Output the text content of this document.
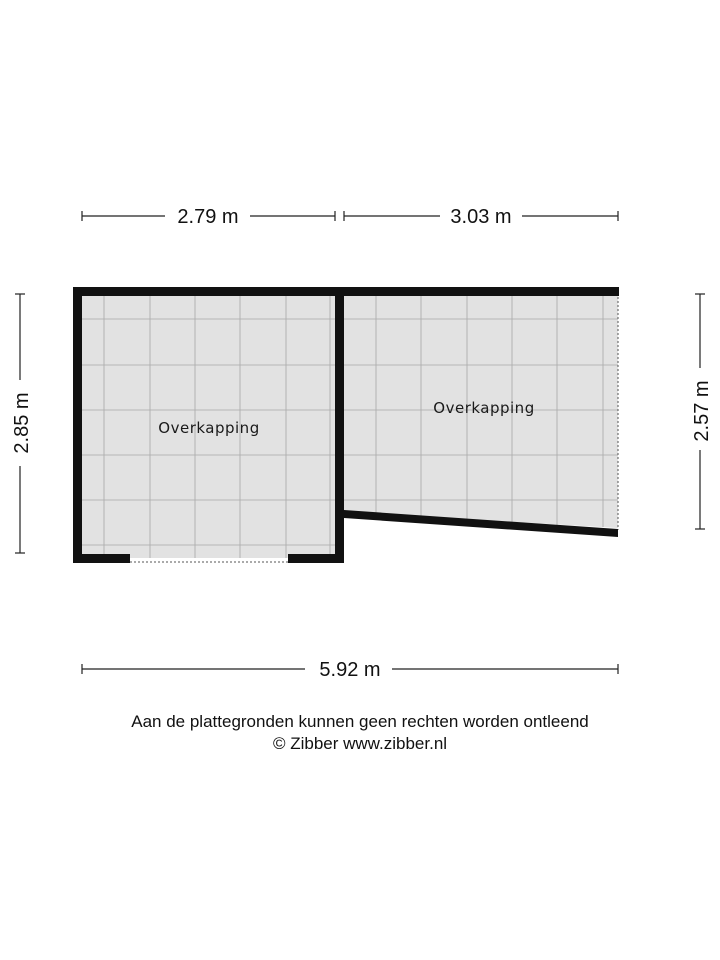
2.79 m	3.03 m
2.85 m	2.57 m
Overkapping
Overkapping
5.92 m
Aan de plattegronden kunnen geen rechten worden ontleend
© Zibber www.zibber.nl
